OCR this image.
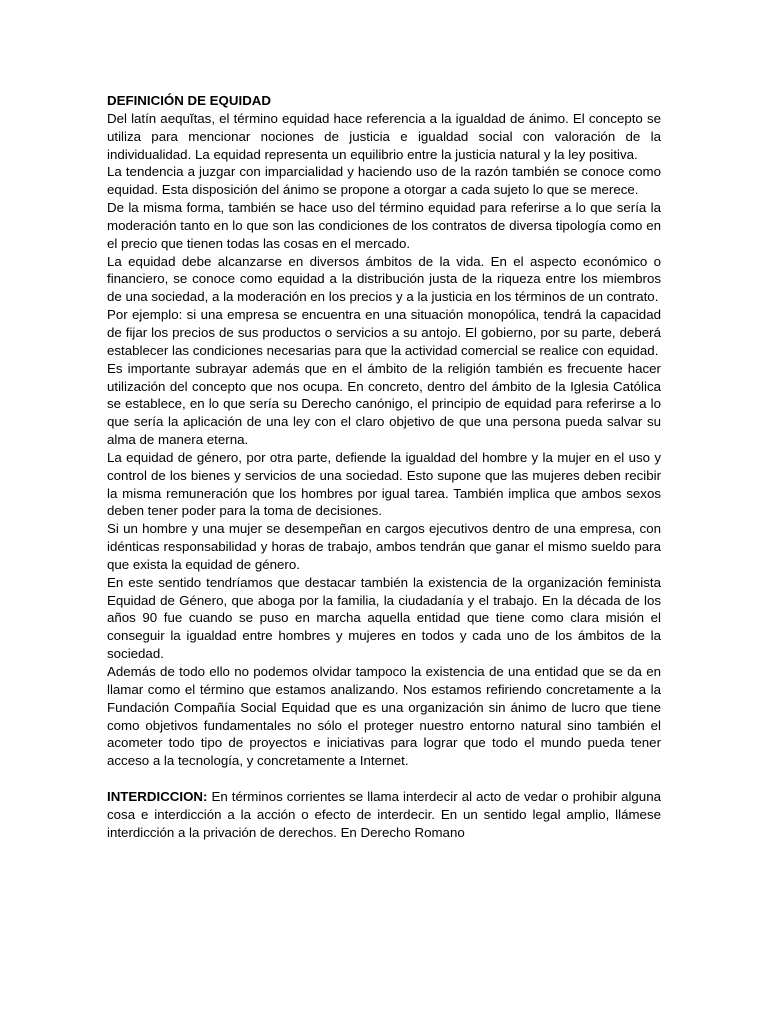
DEFINICIÓN DE EQUIDAD

Del latín aequĭtas, el término equidad hace referencia a la igualdad de ánimo. El concepto se utiliza para mencionar nociones de justicia e igualdad social con valoración de la individualidad. La equidad representa un equilibrio entre la justicia natural y la ley positiva.

La tendencia a juzgar con imparcialidad y haciendo uso de la razón también se conoce como equidad. Esta disposición del ánimo se propone a otorgar a cada sujeto lo que se merece.

De la misma forma, también se hace uso del término equidad para referirse a lo que sería la moderación tanto en lo que son las condiciones de los contratos de diversa tipología como en el precio que tienen todas las cosas en el mercado.

La equidad debe alcanzarse en diversos ámbitos de la vida. En el aspecto económico o financiero, se conoce como equidad a la distribución justa de la riqueza entre los miembros de una sociedad, a la moderación en los precios y a la justicia en los términos de un contrato.

Por ejemplo: si una empresa se encuentra en una situación monopólica, tendrá la capacidad de fijar los precios de sus productos o servicios a su antojo. El gobierno, por su parte, deberá establecer las condiciones necesarias para que la actividad comercial se realice con equidad.

Es importante subrayar además que en el ámbito de la religión también es frecuente hacer utilización del concepto que nos ocupa. En concreto, dentro del ámbito de la Iglesia Católica se establece, en lo que sería su Derecho canónigo, el principio de equidad para referirse a lo que sería la aplicación de una ley con el claro objetivo de que una persona pueda salvar su alma de manera eterna.

La equidad de género, por otra parte, defiende la igualdad del hombre y la mujer en el uso y control de los bienes y servicios de una sociedad. Esto supone que las mujeres deben recibir la misma remuneración que los hombres por igual tarea. También implica que ambos sexos deben tener poder para la toma de decisiones.

Si un hombre y una mujer se desempeñan en cargos ejecutivos dentro de una empresa, con idénticas responsabilidad y horas de trabajo, ambos tendrán que ganar el mismo sueldo para que exista la equidad de género.

En este sentido tendríamos que destacar también la existencia de la organización feminista Equidad de Género, que aboga por la familia, la ciudadanía y el trabajo. En la década de los años 90 fue cuando se puso en marcha aquella entidad que tiene como clara misión el conseguir la igualdad entre hombres y mujeres en todos y cada uno de los ámbitos de la sociedad.

Además de todo ello no podemos olvidar tampoco la existencia de una entidad que se da en llamar como el término que estamos analizando. Nos estamos refiriendo concretamente a la Fundación Compañía Social Equidad que es una organización sin ánimo de lucro que tiene como objetivos fundamentales no sólo el proteger nuestro entorno natural sino también el acometer todo tipo de proyectos e iniciativas para lograr que todo el mundo pueda tener acceso a la tecnología, y concretamente a Internet.

INTERDICCION: En términos corrientes se llama interdecir al acto de vedar o prohibir alguna cosa e interdicción a la acción o efecto de interdecir. En un sentido legal amplio, llámese interdicción a la privación de derechos. En Derecho Romano
